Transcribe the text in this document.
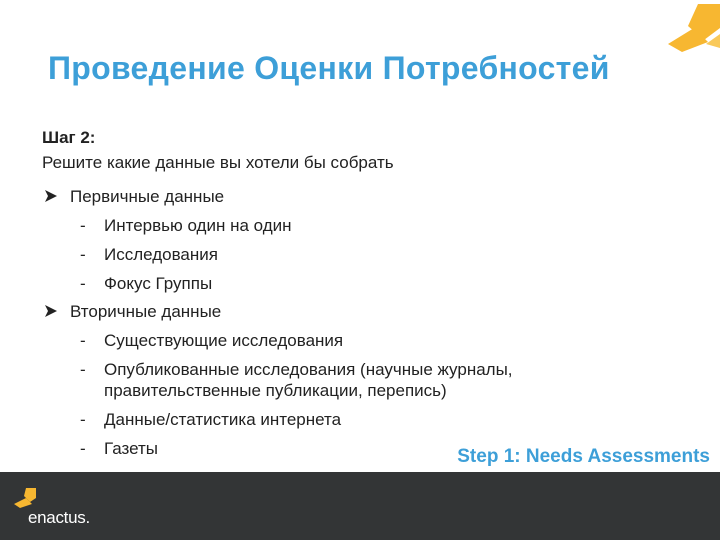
Проведение Оценки Потребностей
Шаг 2:
Решите какие данные вы хотели бы собрать
Первичные данные
- Интервью один на один
- Исследования
- Фокус Группы
Вторичные данные
- Существующие исследования
- Опубликованные исследования (научные журналы, правительственные публикации, перепись)
- Данные/статистика интернета
- Газеты	Step 1: Needs Assessments
enactus.
